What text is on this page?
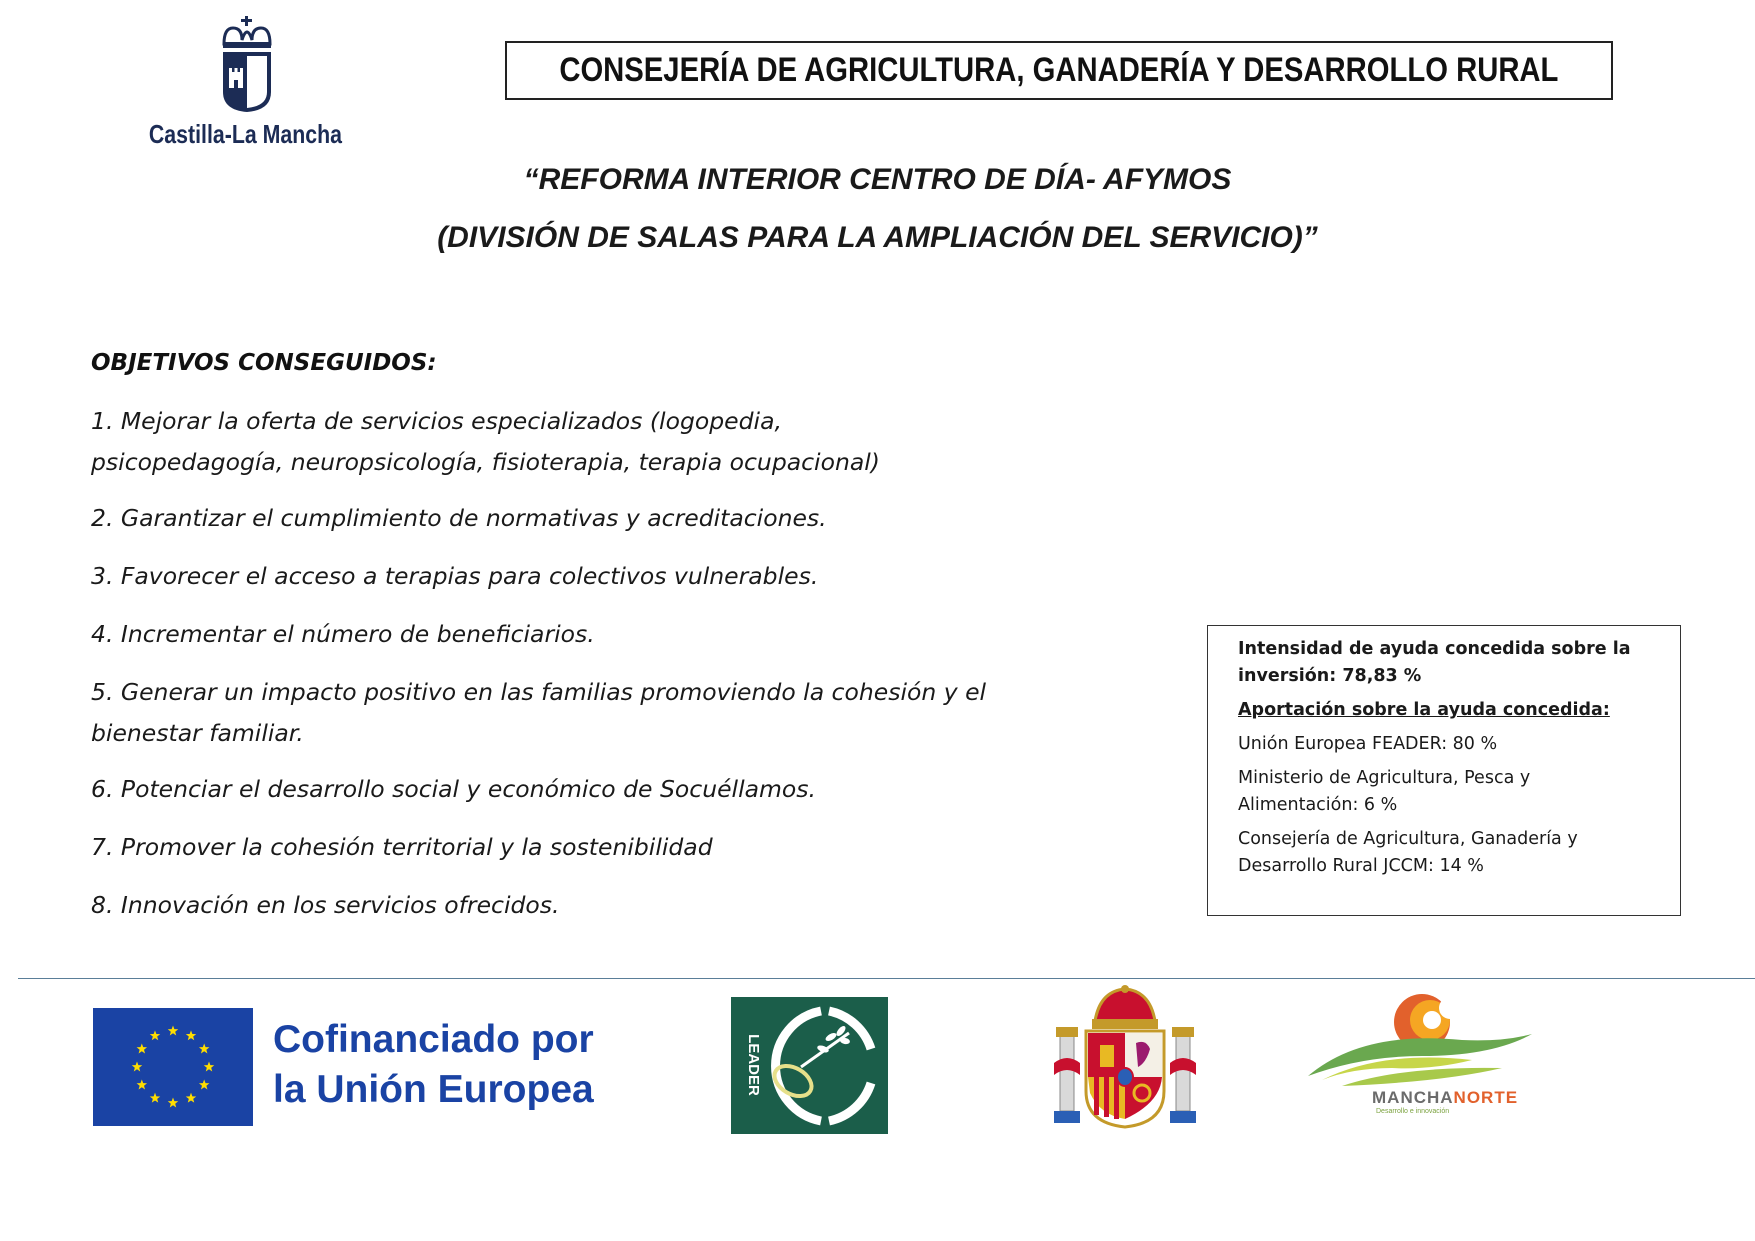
Castilla-La Mancha
CONSEJERÍA DE AGRICULTURA, GANADERÍA Y DESARROLLO RURAL
“REFORMA INTERIOR CENTRO DE DÍA- AFYMOS
(DIVISIÓN DE SALAS PARA LA AMPLIACIÓN DEL SERVICIO)”
OBJETIVOS CONSEGUIDOS:
1. Mejorar la oferta de servicios especializados (logopedia, psicopedagogía, neuropsicología, fisioterapia, terapia ocupacional)
2. Garantizar el cumplimiento de normativas y acreditaciones.
3. Favorecer el acceso a terapias para colectivos vulnerables.
4. Incrementar el número de beneficiarios.
5. Generar un impacto positivo en las familias promoviendo la cohesión y el bienestar familiar.
6. Potenciar el desarrollo social y económico de Socuéllamos.
7. Promover la cohesión territorial y la sostenibilidad
8. Innovación en los servicios ofrecidos.

Intensidad de ayuda concedida sobre la inversión: 78,83 %

Aportación sobre la ayuda concedida:

Unión Europea FEADER: 80 %

Ministerio de Agricultura, Pesca y Alimentación: 6 %

Consejería de Agricultura, Ganadería y Desarrollo Rural JCCM: 14 %

Cofinanciado por
la Unión Europea	LEADER
MANCHANORTE
Desarrollo e innovación
